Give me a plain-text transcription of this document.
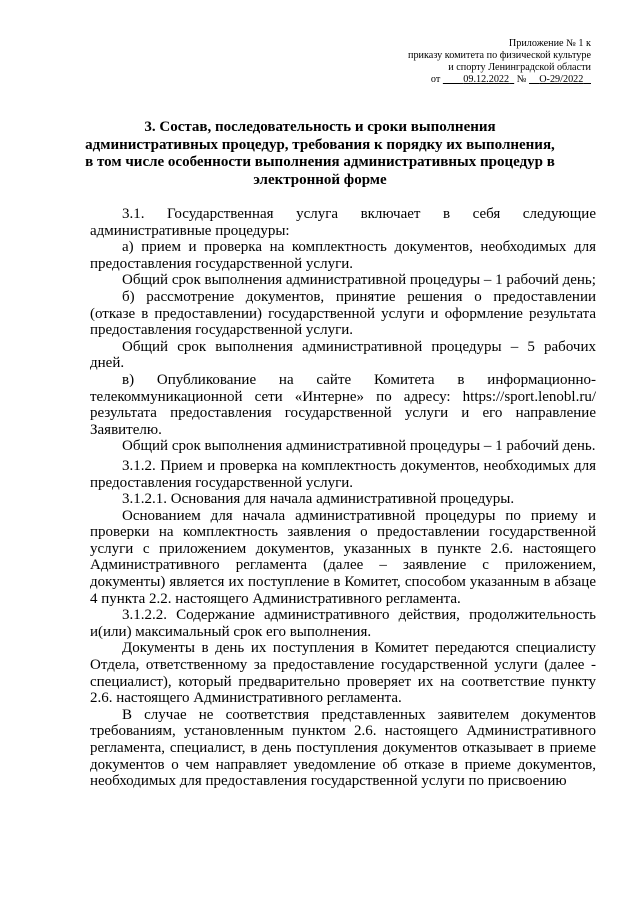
Приложение № 1 к
приказу комитета по физической культуре
и спорту Ленинградской области
от 09.12.2022 № О-29/2022
3. Состав, последовательность и сроки выполнения
административных процедур, требования к порядку их выполнения,
в том числе особенности выполнения административных процедур в
электронной форме

3.1. Государственная услуга включает в себя следующие административные процедуры:

а) прием и проверка на комплектность документов, необходимых для предоставления государственной услуги.

Общий срок выполнения административной процедуры – 1 рабочий день;

б) рассмотрение документов, принятие решения о предоставлении (отказе в предоставлении) государственной услуги и оформление результата предоставления государственной услуги.

Общий срок выполнения административной процедуры – 5 рабочих дней.

в) Опубликование на сайте Комитета в информационно-телекоммуникационной сети «Интерне» по адресу: https://sport.lenobl.ru/ результата предоставления государственной услуги и его направление Заявителю.

Общий срок выполнения административной процедуры – 1 рабочий день.

3.1.2. Прием и проверка на комплектность документов, необходимых для предоставления государственной услуги.

3.1.2.1. Основания для начала административной процедуры.

Основанием для начала административной процедуры по приему и проверки на комплектность заявления о предоставлении государственной услуги с приложением документов, указанных в пункте 2.6. настоящего Административного регламента (далее – заявление с приложением, документы) является их поступление в Комитет, способом указанным в абзаце 4 пункта 2.2. настоящего Административного регламента.

3.1.2.2. Содержание административного действия, продолжительность и(или) максимальный срок его выполнения.

Документы в день их поступления в Комитет передаются специалисту Отдела, ответственному за предоставление государственной услуги (далее - специалист), который предварительно проверяет их на соответствие пункту 2.6. настоящего Административного регламента.

В случае не соответствия представленных заявителем документов требованиям, установленным пунктом 2.6. настоящего Административного регламента, специалист, в день поступления документов отказывает в приеме документов о чем направляет уведомление об отказе в приеме документов, необходимых для предоставления государственной услуги по присвоению
